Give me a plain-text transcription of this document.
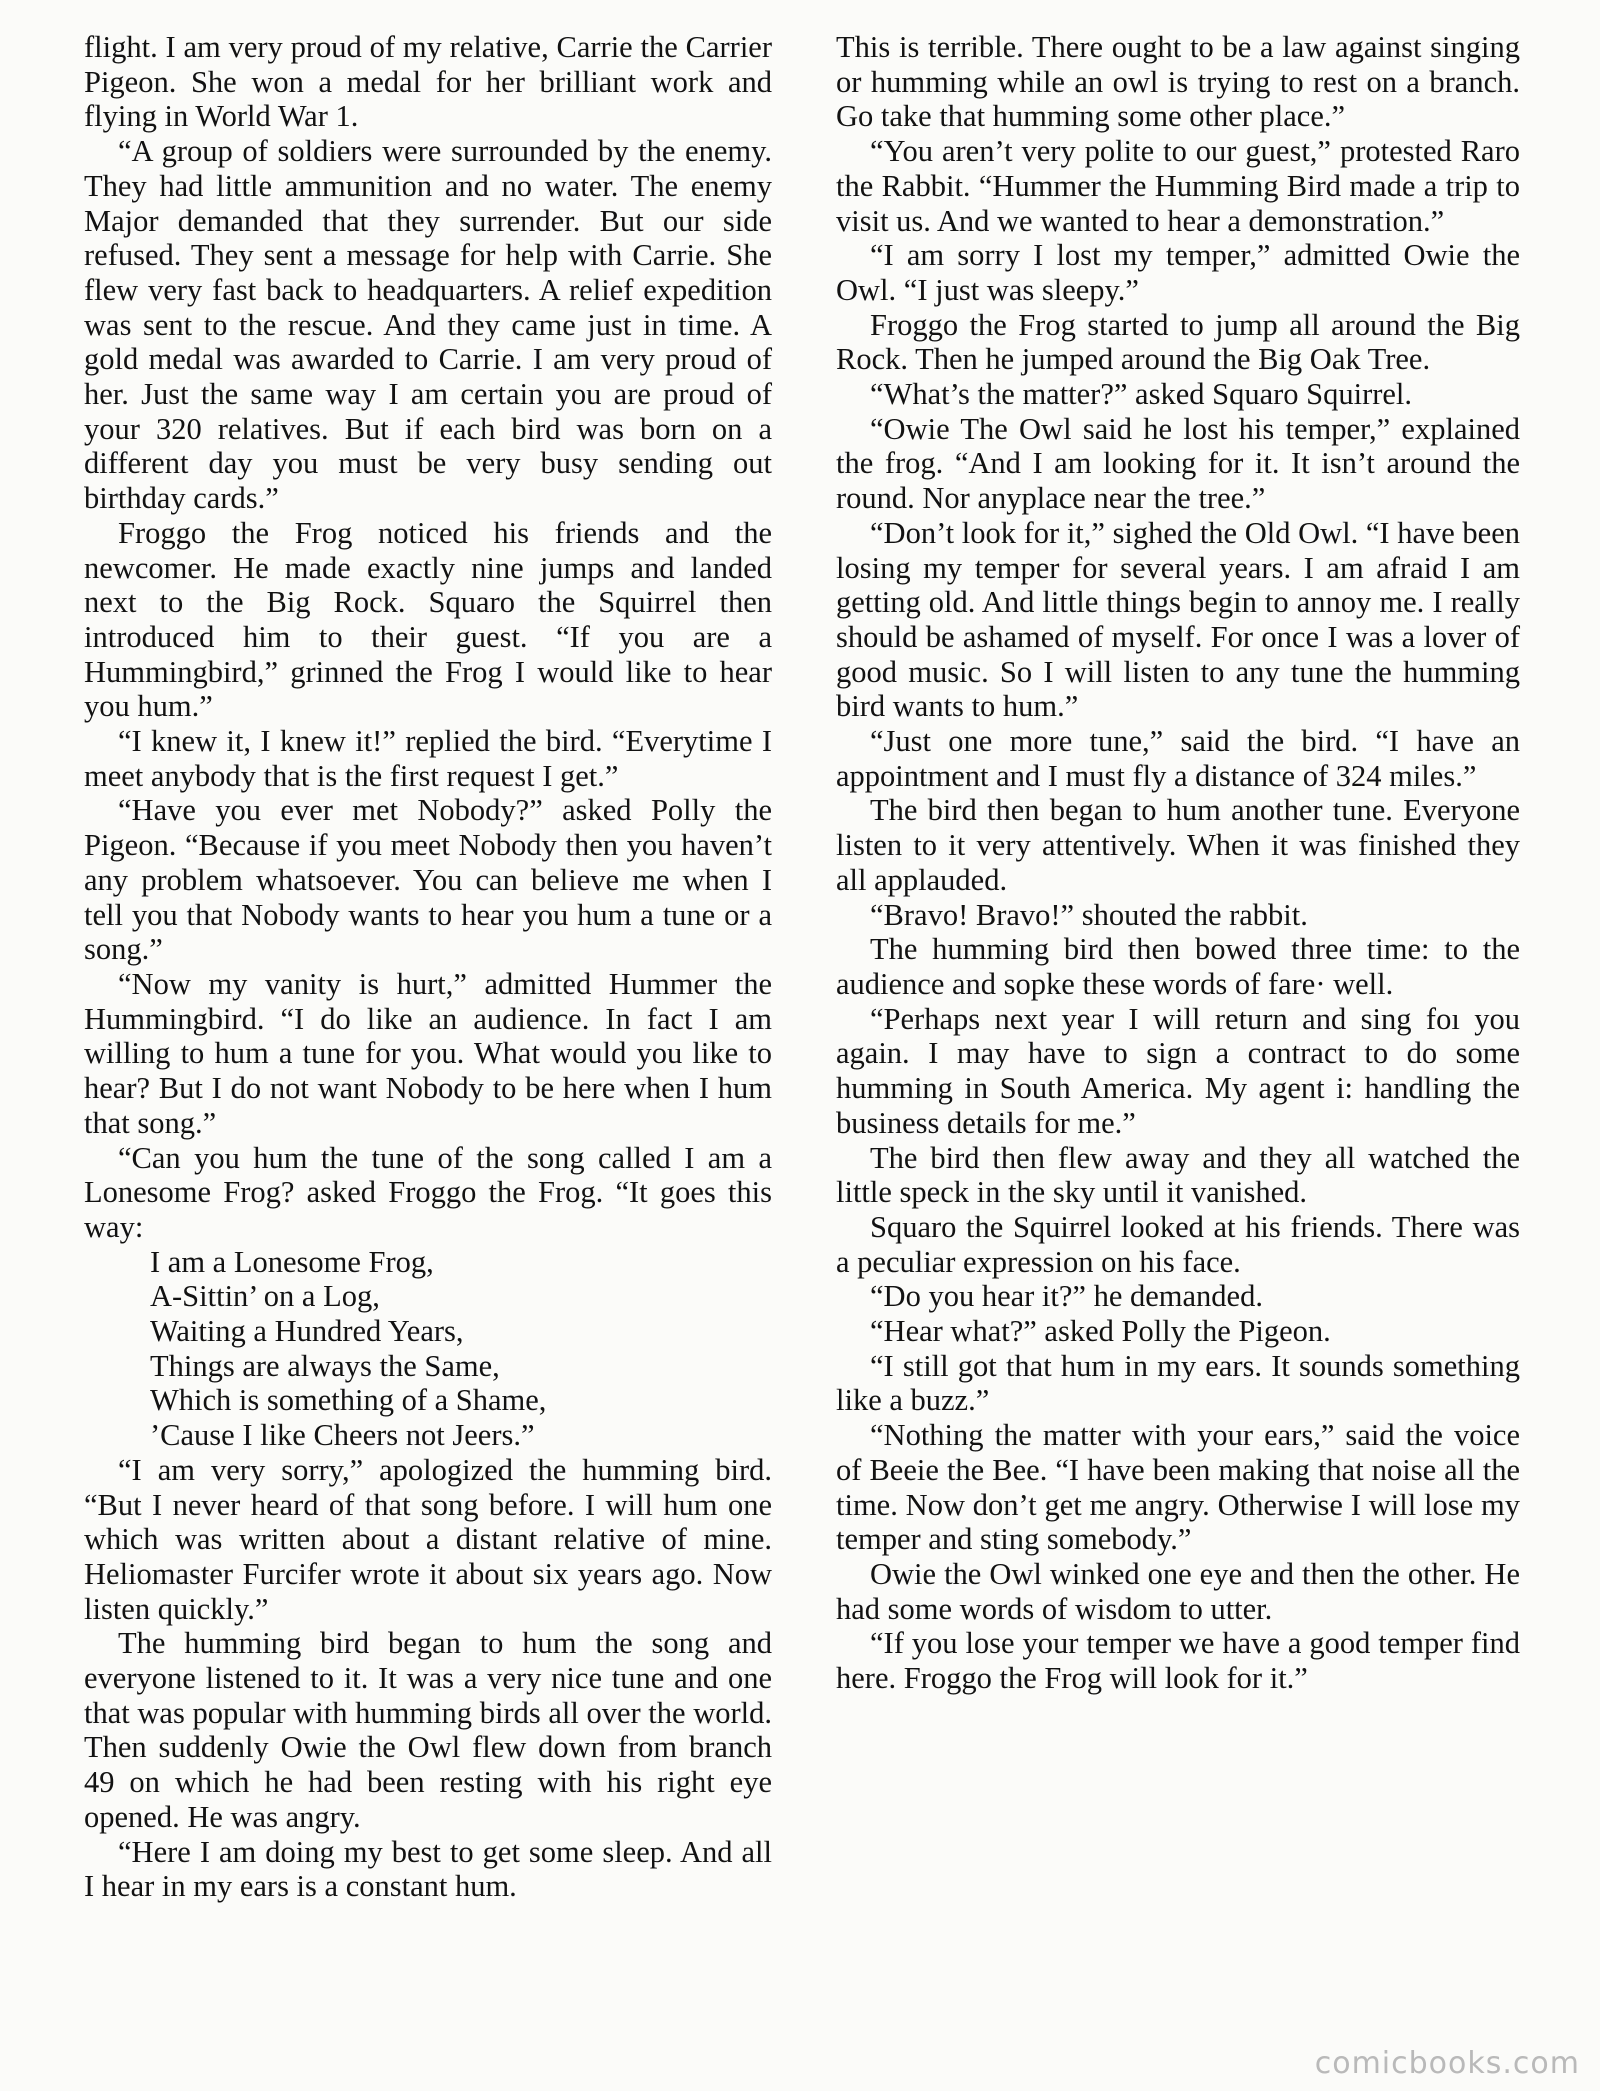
flight. I am very proud of my relative, Carrie the Carrier Pigeon. She won a medal for her brilliant work and flying in World War 1.

“A group of soldiers were surrounded by the enemy. They had little ammunition and no water. The enemy Major demanded that they surrender. But our side refused. They sent a message for help with Carrie. She flew very fast back to headquarters. A relief expedition was sent to the rescue. And they came just in time. A gold medal was awarded to Carrie. I am very proud of her. Just the same way I am certain you are proud of your 320 relatives. But if each bird was born on a different day you must be very busy sending out birthday cards.”

Froggo the Frog noticed his friends and the newcomer. He made exactly nine jumps and landed next to the Big Rock. Squaro the Squirrel then introduced him to their guest. “If you are a Hummingbird,” grinned the Frog I would like to hear you hum.”

“I knew it, I knew it!” replied the bird. “Everytime I meet anybody that is the first request I get.”

“Have you ever met Nobody?” asked Polly the Pigeon. “Because if you meet Nobody then you haven’t any problem whatsoever. You can believe me when I tell you that Nobody wants to hear you hum a tune or a song.”

“Now my vanity is hurt,” admitted Hummer the Hummingbird. “I do like an audience. In fact I am willing to hum a tune for you. What would you like to hear? But I do not want Nobody to be here when I hum that song.”

“Can you hum the tune of the song called I am a Lonesome Frog? asked Froggo the Frog. “It goes this way:

I am a Lonesome Frog,
A-Sittin’ on a Log,
Waiting a Hundred Years,
Things are always the Same,
Which is something of a Shame,
’Cause I like Cheers not Jeers.”

“I am very sorry,” apologized the humming bird. “But I never heard of that song before. I will hum one which was written about a distant relative of mine. Heliomaster Furcifer wrote it about six years ago. Now listen quickly.”

The humming bird began to hum the song and everyone listened to it. It was a very nice tune and one that was popular with humming birds all over the world. Then suddenly Owie the Owl flew down from branch 49 on which he had been resting with his right eye opened. He was angry.

“Here I am doing my best to get some sleep. And all I hear in my ears is a constant hum.

This is terrible. There ought to be a law against singing or humming while an owl is trying to rest on a branch. Go take that humming some other place.”

“You aren’t very polite to our guest,” protested Raro the Rabbit. “Hummer the Humming Bird made a trip to visit us. And we wanted to hear a demonstration.”

“I am sorry I lost my temper,” admitted Owie the Owl. “I just was sleepy.”

Froggo the Frog started to jump all around the Big Rock. Then he jumped around the Big Oak Tree.

“What’s the matter?” asked Squaro Squirrel.

“Owie The Owl said he lost his temper,” explained the frog. “And I am looking for it. It isn’t around the round. Nor anyplace near the tree.”

“Don’t look for it,” sighed the Old Owl. “I have been losing my temper for several years. I am afraid I am getting old. And little things begin to annoy me. I really should be ashamed of myself. For once I was a lover of good music. So I will listen to any tune the humming bird wants to hum.”

“Just one more tune,” said the bird. “I have an appointment and I must fly a distance of 324 miles.”

The bird then began to hum another tune. Everyone listen to it very attentively. When it was finished they all applauded.

“Bravo! Bravo!” shouted the rabbit.

The humming bird then bowed three time: to the audience and sopke these words of fare· well.

“Perhaps next year I will return and sing foı you again. I may have to sign a contract to do some humming in South America. My agent i: handling the business details for me.”

The bird then flew away and they all watched the little speck in the sky until it vanished.

Squaro the Squirrel looked at his friends. There was a peculiar expression on his face.

“Do you hear it?” he demanded.

“Hear what?” asked Polly the Pigeon.

“I still got that hum in my ears. It sounds something like a buzz.”

“Nothing the matter with your ears,” said the voice of Beeie the Bee. “I have been making that noise all the time. Now don’t get me angry. Otherwise I will lose my temper and sting somebody.”

Owie the Owl winked one eye and then the other. He had some words of wisdom to utter.

“If you lose your temper we have a good temper find here. Froggo the Frog will look for it.”

comicbooks.com
